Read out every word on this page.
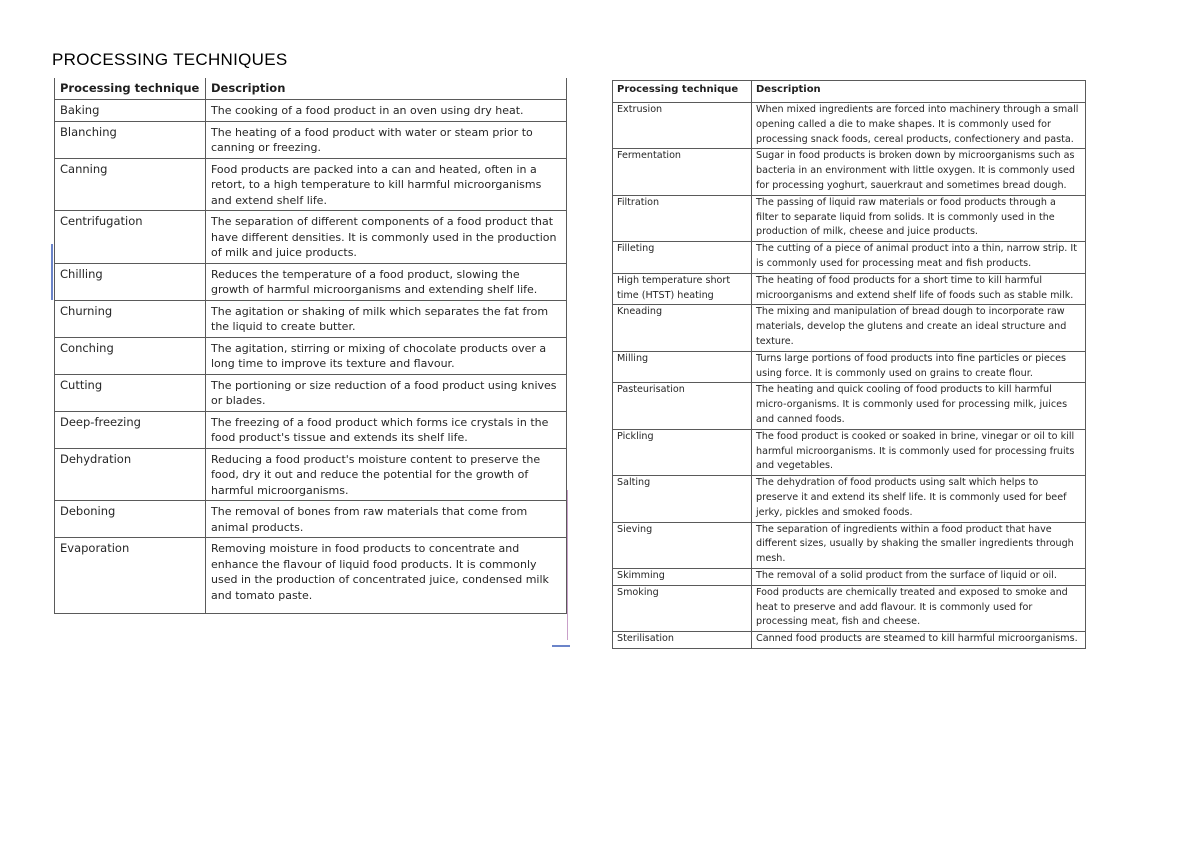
PROCESSING TECHNIQUES
Processing technique	Description
Baking	The cooking of a food product in an oven using dry heat.
Blanching	The heating of a food product with water or steam prior to canning or freezing.
Canning	Food products are packed into a can and heated, often in a retort, to a high temperature to kill harmful microorganisms and extend shelf life.
Centrifugation	The separation of different components of a food product that have different densities. It is commonly used in the production of milk and juice products.
Chilling	Reduces the temperature of a food product, slowing the growth of harmful microorganisms and extending shelf life.
Churning	The agitation or shaking of milk which separates the fat from the liquid to create butter.
Conching	The agitation, stirring or mixing of chocolate products over a long time to improve its texture and flavour.
Cutting	The portioning or size reduction of a food product using knives or blades.
Deep-freezing	The freezing of a food product which forms ice crystals in the food product's tissue and extends its shelf life.
Dehydration	Reducing a food product's moisture content to preserve the food, dry it out and reduce the potential for the growth of harmful microorganisms.
Deboning	The removal of bones from raw materials that come from animal products.
Evaporation	Removing moisture in food products to concentrate and enhance the flavour of liquid food products. It is commonly used in the production of concentrated juice, condensed milk and tomato paste.
Processing technique	Description
Extrusion	When mixed ingredients are forced into machinery through a small opening called a die to make shapes. It is commonly used for processing snack foods, cereal products, confectionery and pasta.
Fermentation	Sugar in food products is broken down by microorganisms such as bacteria in an environment with little oxygen. It is commonly used for processing yoghurt, sauerkraut and sometimes bread dough.
Filtration	The passing of liquid raw materials or food products through a filter to separate liquid from solids. It is commonly used in the production of milk, cheese and juice products.
Filleting	The cutting of a piece of animal product into a thin, narrow strip. It is commonly used for processing meat and fish products.
High temperature short time (HTST) heating	The heating of food products for a short time to kill harmful microorganisms and extend shelf life of foods such as stable milk.
Kneading	The mixing and manipulation of bread dough to incorporate raw materials, develop the glutens and create an ideal structure and texture.
Milling	Turns large portions of food products into fine particles or pieces using force. It is commonly used on grains to create flour.
Pasteurisation	The heating and quick cooling of food products to kill harmful micro-organisms. It is commonly used for processing milk, juices and canned foods.
Pickling	The food product is cooked or soaked in brine, vinegar or oil to kill harmful microorganisms. It is commonly used for processing fruits and vegetables.
Salting	The dehydration of food products using salt which helps to preserve it and extend its shelf life. It is commonly used for beef jerky, pickles and smoked foods.
Sieving	The separation of ingredients within a food product that have different sizes, usually by shaking the smaller ingredients through mesh.
Skimming	The removal of a solid product from the surface of liquid or oil.
Smoking	Food products are chemically treated and exposed to smoke and heat to preserve and add flavour. It is commonly used for processing meat, fish and cheese.
Sterilisation	Canned food products are steamed to kill harmful microorganisms.
